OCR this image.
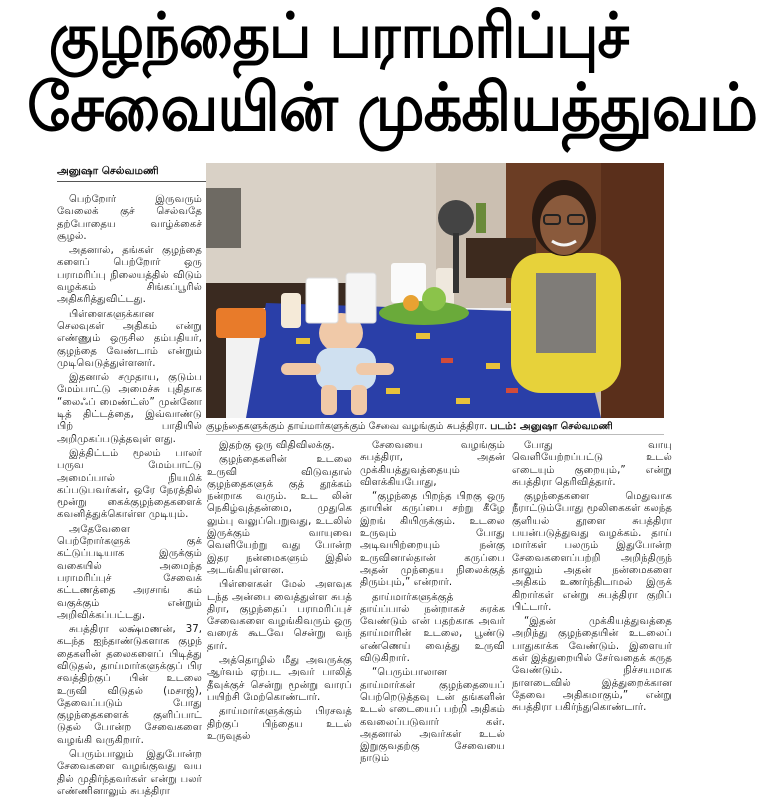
குழந்தைப் பராமரிப்புச்
சேவையின் முக்கியத்துவம்
அனுஷா செல்வமணி

பெற்றோர் இருவரும் வேலைக் குச் செல்வதே தற்போதைய வாழ்க்கைச் சூழல்.

அதனால், தங்கள் குழந்தை களைப் பெற்றோர் ஒரு பராமரிப்பு நிலையத்தில் விடும் வழக்கம் சிங்கப்பூரில் அதிகரித்துவிட்டது.

பிள்ளைகளுக்கான செலவுகள் அதிகம் என்று எண்ணும் ஒருசில தம்பதியர், குழந்தை வேண்டாம் என்றும் முடிவெடுத்துள்ளனர்.

இதனால் சமுதாய, குடும்ப மேம்பாட்டு அமைச்சு புதிதாக “லைஃப் மைண்ட்ஸ்” முன்னோ டித் திட்டத்தை, இவ்வாண்டு பிற் பாதியில் அறிமுகப்படுத்தவுள் ளது.

இத்திட்டம் மூலம் பாலர் பருவ மேம்பாட்டு அமைப்பால் நியமிக் கப்படுபவர்கள், ஒரே நேரத்தில் மூன்று கைக்குழந்தைகளைக் கவனித்துக்கொள்ள முடியும்.

அதேவேளை பெற்றோர்களுக் குக் கட்டுப்படியாக இருக்கும் வகையில் அமைந்த பராமரிப்புச் சேவைக் கட்டணத்தை அரசாங் கம் வகுக்கும் என்றும் அறிவிக்கப்பட்டது.

சுபத்திரா லக்ஷ்மணன், 37, கடந்த ஐந்தாண்டுகளாக குழந் தைகளின் தலைகளைப் பிடித்து விடுதல், தாய்மார்களுக்குப் பிர சவத்திற்குப் பின் உடலை உருவி விடுதல் (மசாஜ்), தேவைப்படும் போது குழந்தைகளைக் குளிப்பாட் டுதல் போன்ற சேவைகளை வழங்கி வருகிறார்.

பெரும்பாலும் இதுபோன்ற சேவைகளை வழங்குவது வய தில் முதிர்ந்தவர்கள் என்று பலர் எண்ணினாலும் சுபத்திரா

குழந்தைகளுக்கும் தாய்மார்களுக்கும் சேவை வழங்கும் சுபத்திரா. படம்: அனுஷா செல்வமணி

இதற்கு ஒரு விதிவிலக்கு.

குழந்தைகளின் உடலை உருவி விடுவதால் குழந்தைகளுக் குத் தூக்கம் நன்றாக வரும். உட லின் நெகிழ்வுத்தன்மை, முதுகெ லும்பு வலுப்பெறுவது, உடலில் இருக்கும் வாயுவை வெளியேற்று வது போன்ற இதர நன்மைகளும் இதில் அடங்கியுள்ளன.

பிள்ளைகள் மேல் அளவுக டந்த அன்பை வைத்துள்ள சுபத் திரா, குழந்தைப் பராமரிப்புச் சேவைகளை வழங்கிவரும் ஒரு வரைக் கூடவே சென்று வந் தார்.

அத்தொழில் மீது அவருக்கு ஆர்வம் ஏற்பட அவர் பாலித் தீவுக்குச் சென்று மூன்று வாரப் பயிற்சி மேற்கொண்டார்.

தாய்மார்களுக்கும் பிரசவத் திற்குப் பிந்தைய உடல் உருவுதல்

சேவையை வழங்கும் சுபத்திரா, அதன் முக்கியத்துவத்தையும் விளக்கியபோது,

“குழந்தை பிறந்த பிறகு ஒரு தாயின் கருப்பை சற்று கீழே இறங் கியிருக்கும். உடலை உருவும் போது அடிவயிற்றையும் நன்கு உருவினால்தான் கருப்பை அதன் முந்தைய நிலைக்குத் திரும்பும்,” என்றார்.

தாய்மார்களுக்குத் தாய்ப்பால் நன்றாகச் சுரக்க வேண்டும் என் பதற்காக அவர் தாய்மாரின் உடலை, பூண்டு எண்ணெய் வைத்து உருவி விடுகிறார்.

“பெரும்பாலான தாய்மார்கள் குழந்தையைப் பெற்றெடுத்தவு டன் தங்களின் உடல் எடையைப் பற்றி அதிகம் கவலைப்படுவார் கள். அதனால் அவர்கள் உடல் இறுகுவதற்கு சேவையை நாடும்

போது வாயு வெளியேற்றப்பட்டு உடல் எடையும் குறையும்,” என்று சுபத்திரா தெரிவித்தார்.

குழந்தைகளை மெதுவாக நீராட்டும்போது மூலிகைகள் கலந்த குளியல் தூளை சுபத்திரா பயன்படுத்துவது வழக்கம். தாய் மார்கள் பலரும் இதுபோன்ற சேவைகளைப்பற்றி அறிந்திருந் தாலும் அதன் நன்மைகளை அதிகம் உணர்ந்திடாமல் இருக் கிறார்கள் என்று சுபத்திரா குறிப் பிட்டார்.

“இதன் முக்கியத்துவத்தை அறிந்து குழந்தையின் உடலைப் பாதுகாக்க வேண்டும். இளையர் கள் இத்துறையில் சேர்வதைக் கருத வேண்டும். நிச்சயமாக நாளடைவில் இத்துறைக்கான தேவை அதிகமாகும்,” என்று சுபத்திரா பகிர்ந்துகொண்டார்.
